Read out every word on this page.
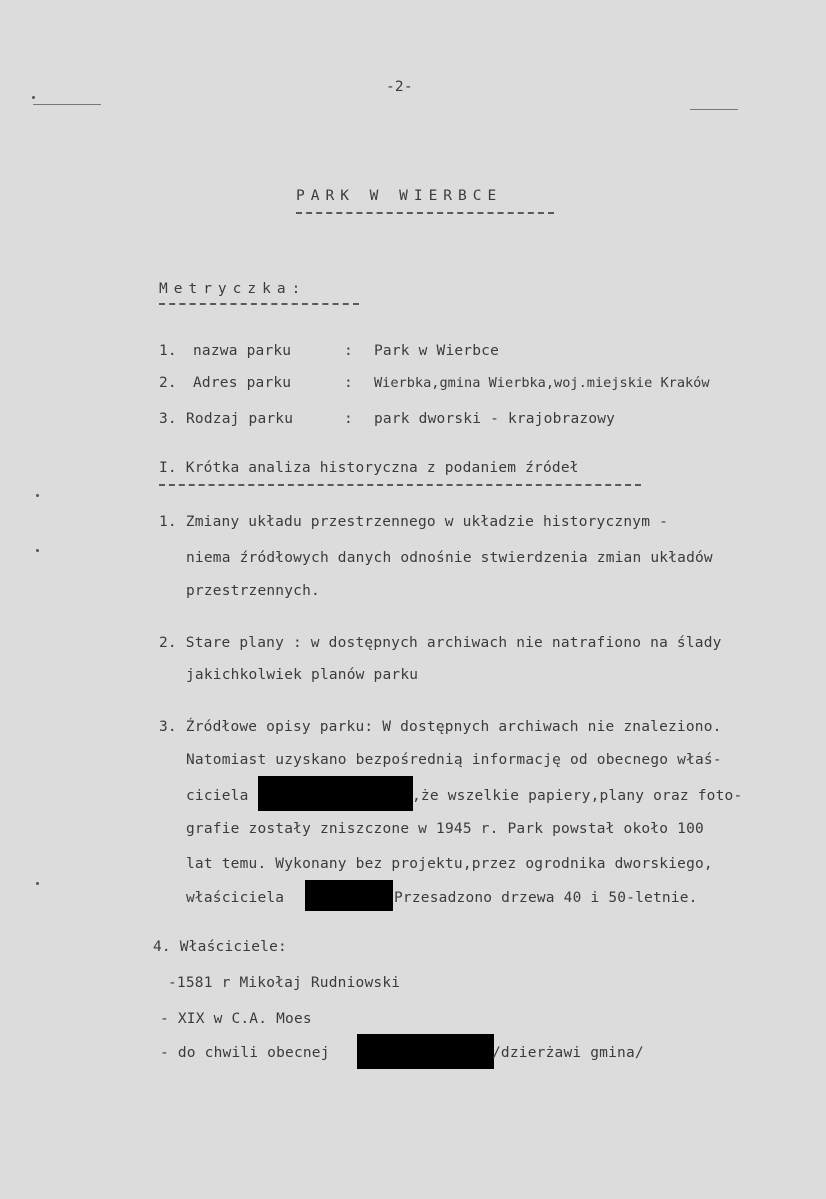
-2-
PARK W WIERBCE
Metryczka:
1. nazwa parku	: Park w Wierbce
2. Adres parku	: Wierbka,gmina Wierbka,woj.miejskie Kraków
3. Rodzaj parku	: park dworski - krajobrazowy
I. Krótka analiza historyczna z podaniem źródeł
1. Zmiany układu przestrzennego w układzie historycznym -
niema źródłowych danych odnośnie stwierdzenia zmian układów
przestrzennych.
2. Stare plany : w dostępnych archiwach nie natrafiono na ślady
jakichkolwiek planów parku
3. Źródłowe opisy parku: W dostępnych archiwach nie znaleziono.
Natomiast uzyskano bezpośrednią informację od obecnego właś-
ciciela	,że wszelkie papiery,plany oraz foto-
grafie zostały zniszczone w 1945 r. Park powstał około 100
lat temu. Wykonany bez projektu,przez ogrodnika dworskiego,
właściciela	Przesadzono drzewa 40 i 50-letnie.
4. Właściciele:
-1581 r Mikołaj Rudniowski
- XIX w C.A. Moes
- do chwili obecnej	/dzierżawi gmina/
